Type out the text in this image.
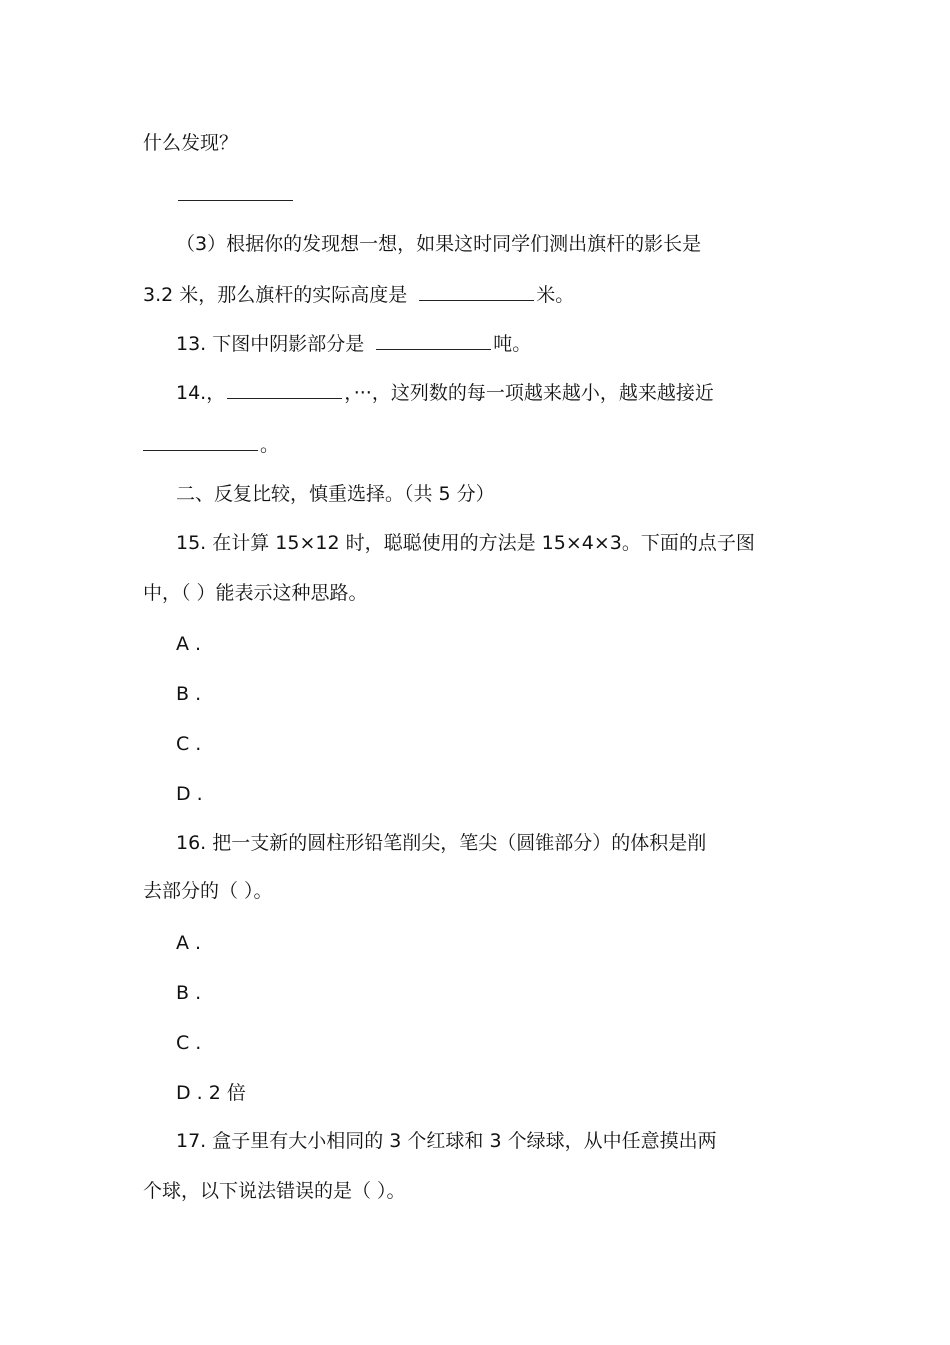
什么发现？
（3）根据你的发现想一想，如果这时同学们测出旗杆的影长是
3.2 米，那么旗杆的实际高度是	米。
13. 下图中阴影部分是	吨。
14.，	，···，这列数的每一项越来越小，越来越接近
。
二、反复比较，慎重选择。（共 5 分）
15. 在计算 15×12 时，聪聪使用的方法是 15×4×3。下面的点子图
中，（ ）能表示这种思路。
A .
B .
C .
D .
16. 把一支新的圆柱形铅笔削尖，笔尖（圆锥部分）的体积是削
去部分的（ ）。
A .
B .
C .
D . 2 倍
17. 盒子里有大小相同的 3 个红球和 3 个绿球，从中任意摸出两
个球，以下说法错误的是（ ）。
